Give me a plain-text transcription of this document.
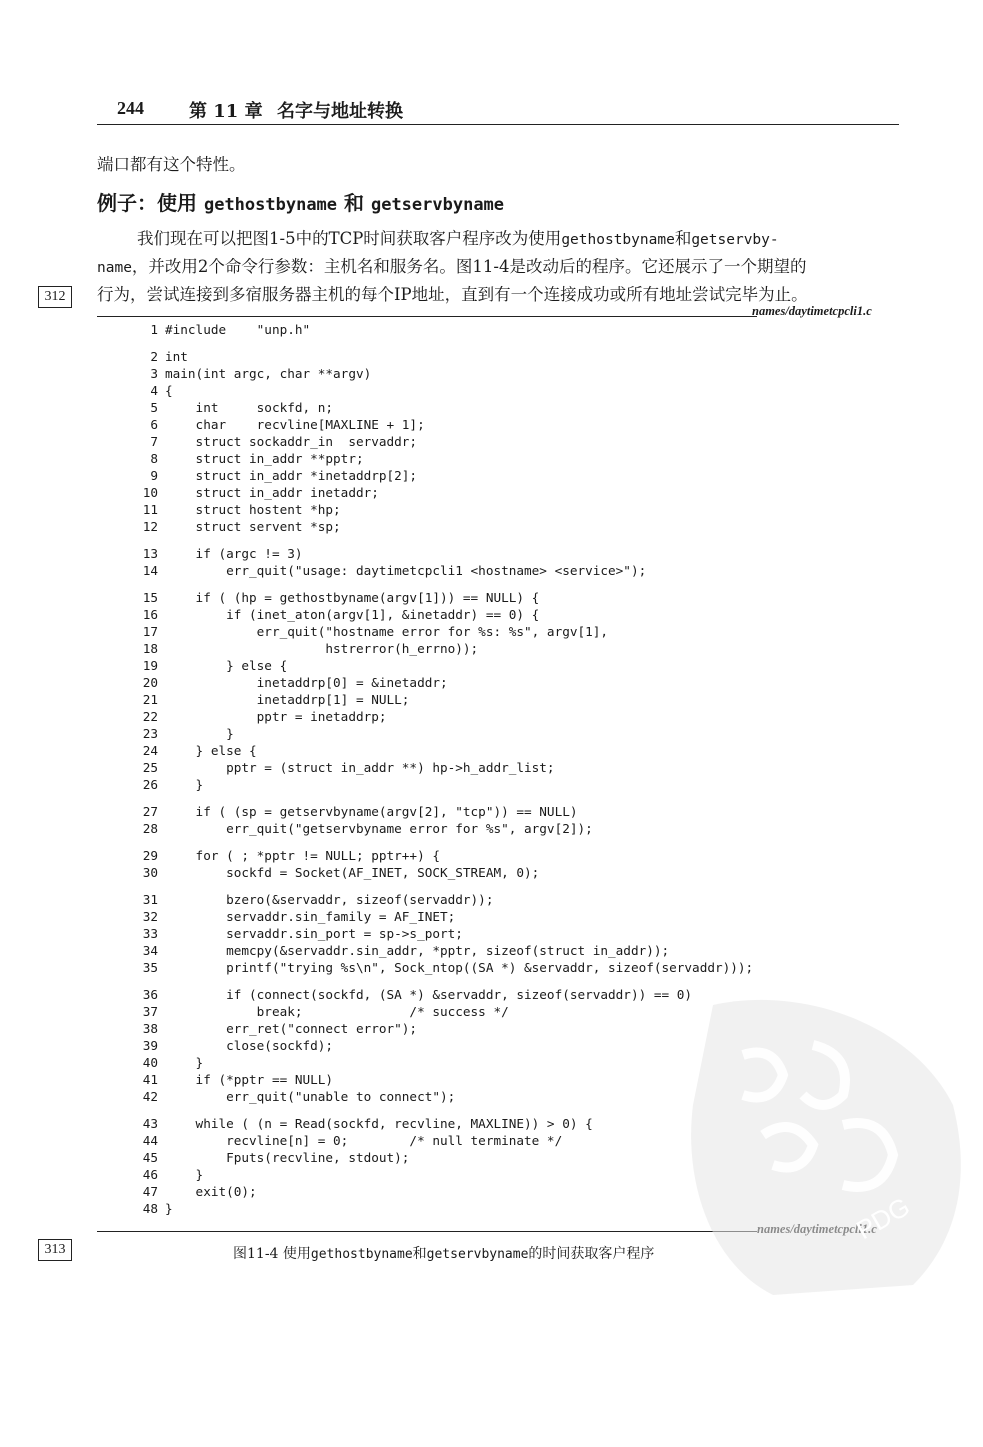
244	第 11 章 名字与地址转换
端口都有这个特性。
例子：使用 gethostbyname 和 getservbyname
我们现在可以把图1-5中的TCP时间获取客户程序改为使用gethostbyname和getservby-
name，并改用2个命令行参数：主机名和服务名。图11-4是改动后的程序。它还展示了一个期望的
行为，尝试连接到多宿服务器主机的每个IP地址，直到有一个连接成功或所有地址尝试完毕为止。
312
313
names/daytimetcpcli1.c
1 #include    "unp.h"
2 int
3 main(int argc, char **argv)
4 {
5    int     sockfd, n;
6    char    recvline[MAXLINE + 1];
7    struct sockaddr_in  servaddr;
8    struct in_addr **pptr;
9    struct in_addr *inetaddrp[2];
10    struct in_addr inetaddr;
11    struct hostent *hp;
12    struct servent *sp;
13    if (argc != 3)
14        err_quit("usage: daytimetcpcli1 <hostname> <service>");
15    if ( (hp = gethostbyname(argv[1])) == NULL) {
16        if (inet_aton(argv[1], &inetaddr) == 0) {
17            err_quit("hostname error for %s: %s", argv[1],
18                     hstrerror(h_errno));
19        } else {
20            inetaddrp[0] = &inetaddr;
21            inetaddrp[1] = NULL;
22            pptr = inetaddrp;
23        }
24    } else {
25        pptr = (struct in_addr **) hp->h_addr_list;
26    }
27    if ( (sp = getservbyname(argv[2], "tcp")) == NULL)
28        err_quit("getservbyname error for %s", argv[2]);
29    for ( ; *pptr != NULL; pptr++) {
30        sockfd = Socket(AF_INET, SOCK_STREAM, 0);
31        bzero(&servaddr, sizeof(servaddr));
32        servaddr.sin_family = AF_INET;
33        servaddr.sin_port = sp->s_port;
34        memcpy(&servaddr.sin_addr, *pptr, sizeof(struct in_addr));
35        printf("trying %s\n", Sock_ntop((SA *) &servaddr, sizeof(servaddr)));
36        if (connect(sockfd, (SA *) &servaddr, sizeof(servaddr)) == 0)
37            break;              /* success */
38        err_ret("connect error");
39        close(sockfd);
40    }
41    if (*pptr == NULL)
42        err_quit("unable to connect");
43    while ( (n = Read(sockfd, recvline, MAXLINE)) > 0) {
44        recvline[n] = 0;        /* null terminate */
45        Fputs(recvline, stdout);
46    }
47    exit(0);
48 }
图11-4 使用gethostbyname和getservbyname的时间获取客户程序
PDG
